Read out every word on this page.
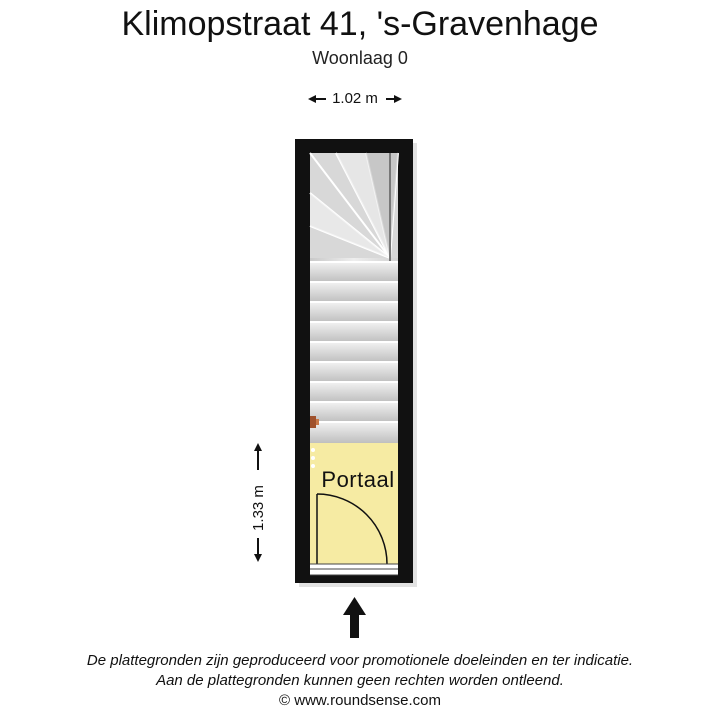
Klimopstraat 41, 's-Gravenhage
Woonlaag 0
1.02 m
1.33 m
Portaal
De plattegronden zijn geproduceerd voor promotionele doeleinden en ter indicatie.
Aan de plattegronden kunnen geen rechten worden ontleend.
© www.roundsense.com
